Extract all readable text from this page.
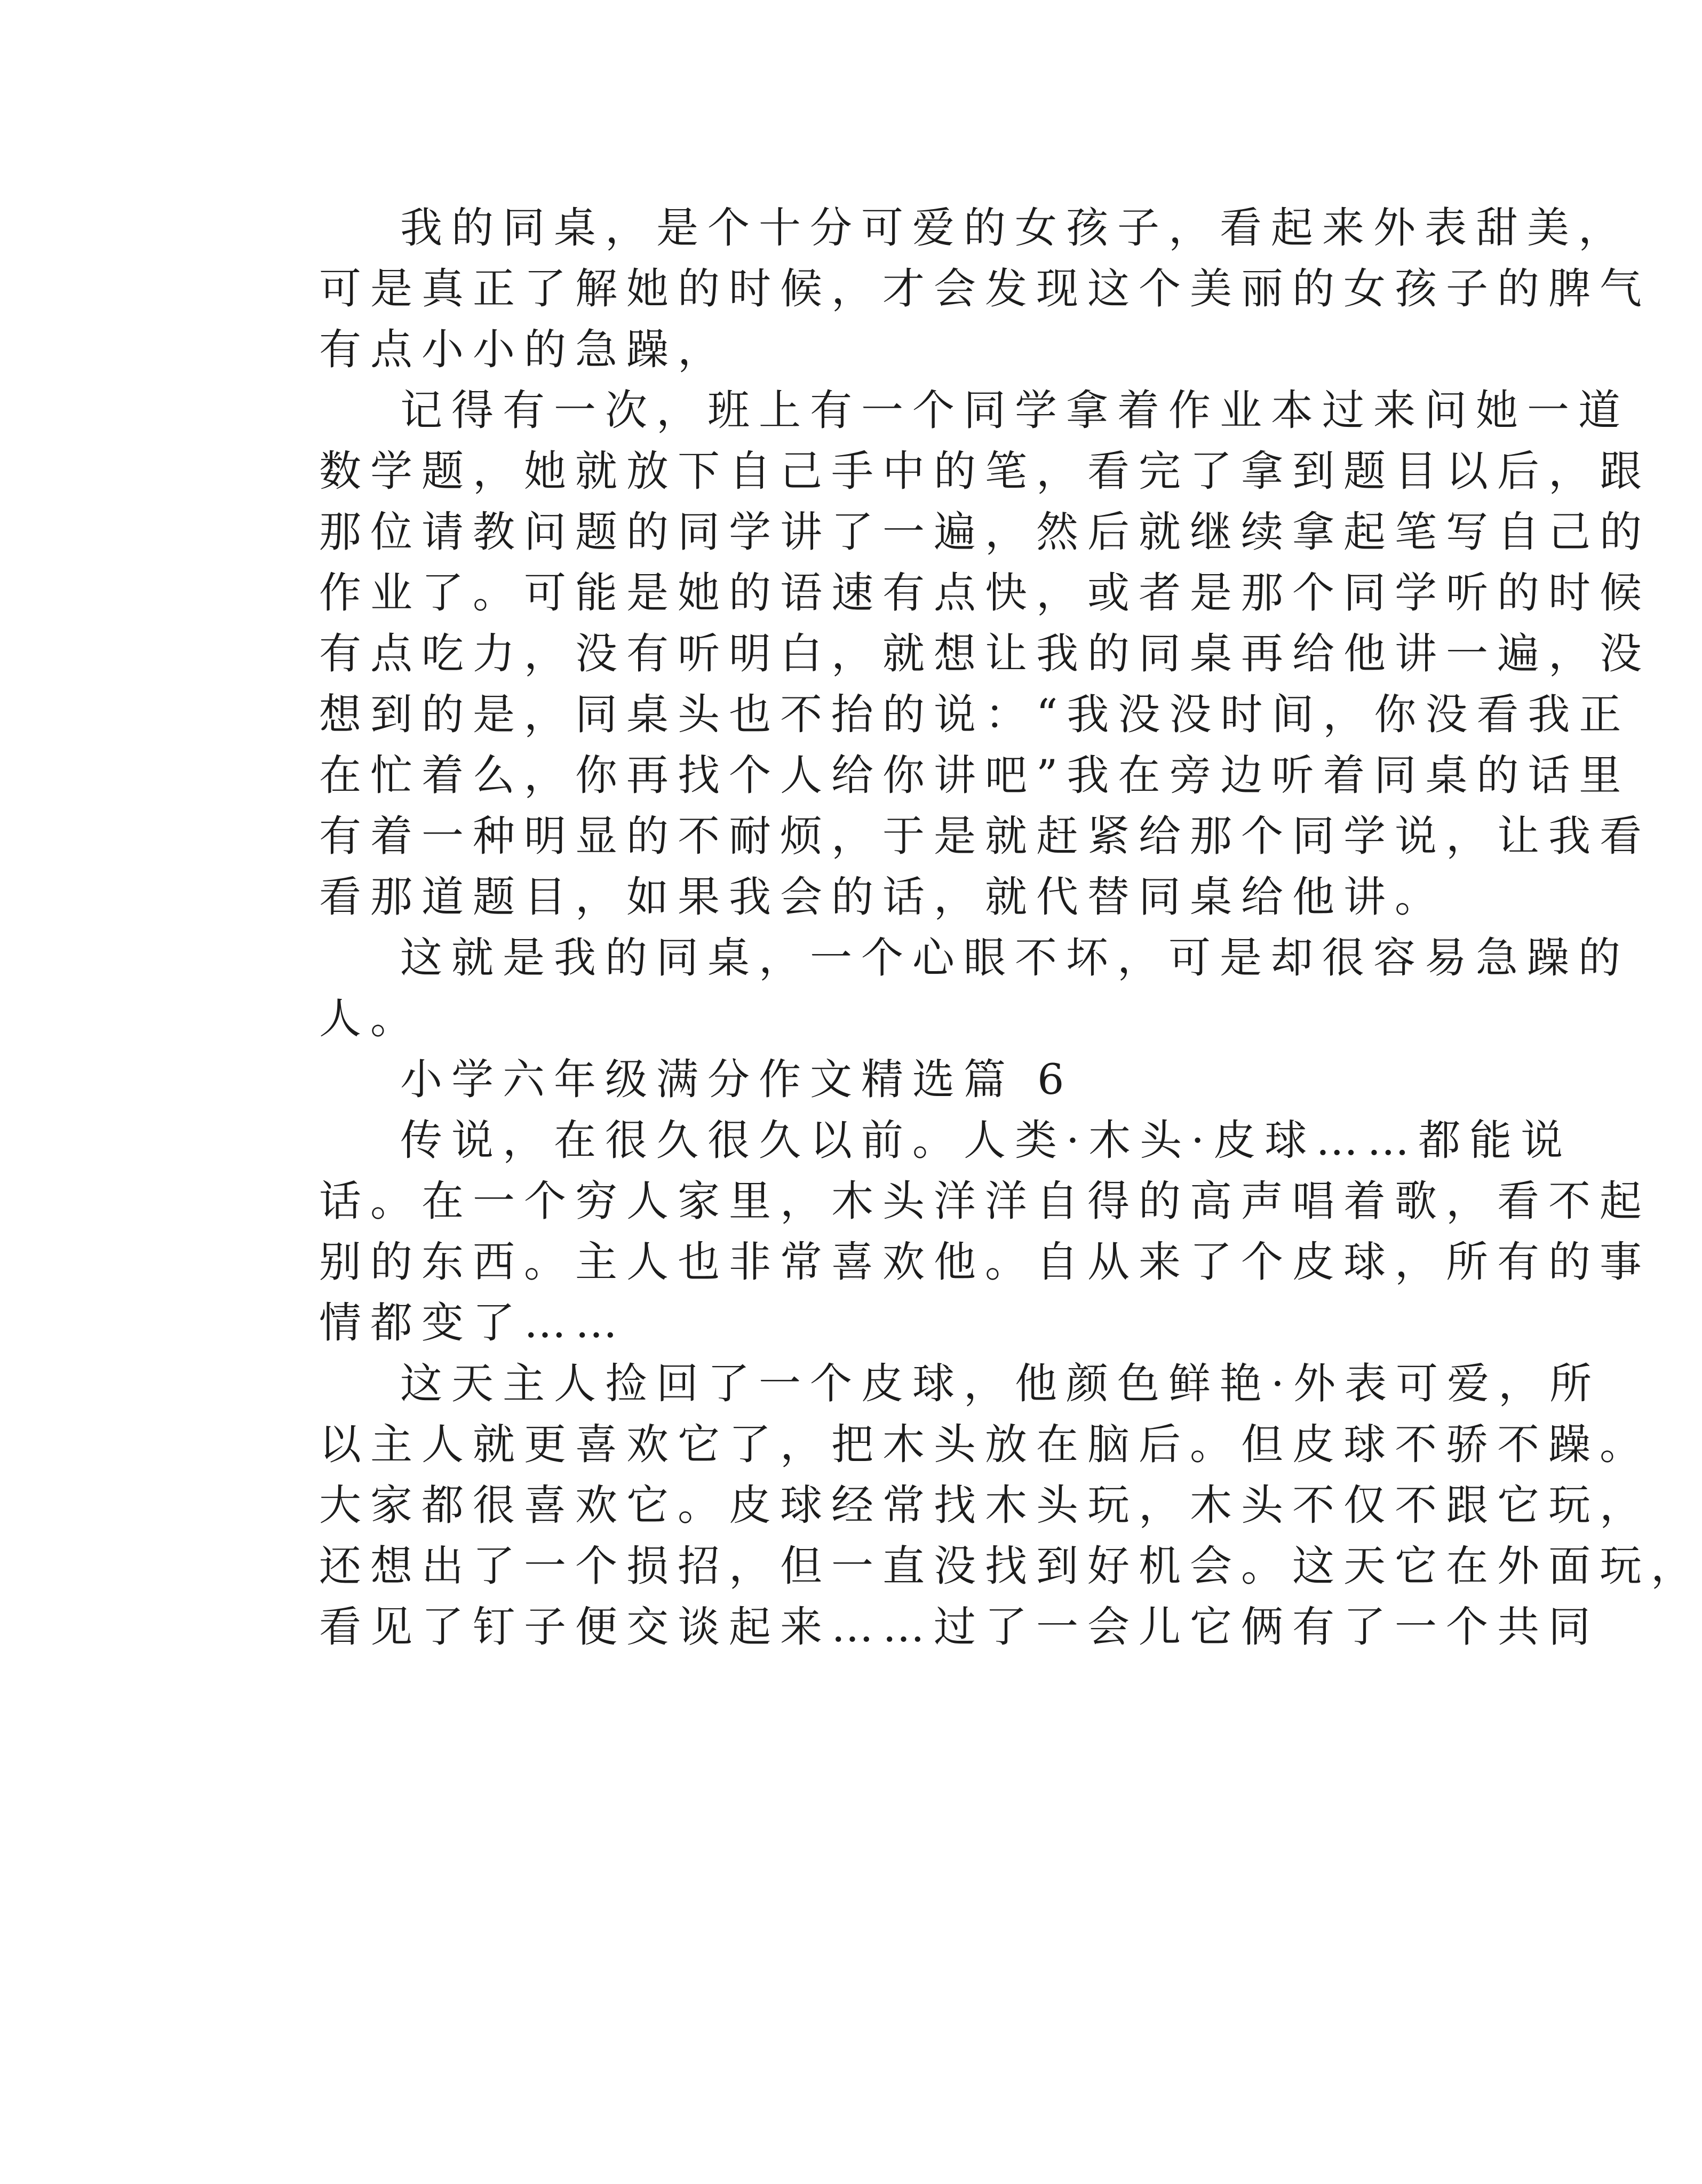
我的同桌，是个十分可爱的女孩子，看起来外表甜美，
可是真正了解她的时候，才会发现这个美丽的女孩子的脾气
有点小小的急躁，
记得有一次，班上有一个同学拿着作业本过来问她一道
数学题，她就放下自己手中的笔，看完了拿到题目以后，跟
那位请教问题的同学讲了一遍，然后就继续拿起笔写自己的
作业了。可能是她的语速有点快，或者是那个同学听的时候
有点吃力，没有听明白，就想让我的同桌再给他讲一遍，没
想到的是，同桌头也不抬的说：“我没没时间，你没看我正
在忙着么，你再找个人给你讲吧”我在旁边听着同桌的话里
有着一种明显的不耐烦，于是就赶紧给那个同学说，让我看
看那道题目，如果我会的话，就代替同桌给他讲。
这就是我的同桌，一个心眼不坏，可是却很容易急躁的
人。
小学六年级满分作文精选篇 6
传说，在很久很久以前。人类·木头·皮球……都能说
话。在一个穷人家里，木头洋洋自得的高声唱着歌，看不起
别的东西。主人也非常喜欢他。自从来了个皮球，所有的事
情都变了……
这天主人捡回了一个皮球，他颜色鲜艳·外表可爱，所
以主人就更喜欢它了，把木头放在脑后。但皮球不骄不躁。
大家都很喜欢它。皮球经常找木头玩，木头不仅不跟它玩，
还想出了一个损招，但一直没找到好机会。这天它在外面玩，
看见了钉子便交谈起来……过了一会儿它俩有了一个共同
